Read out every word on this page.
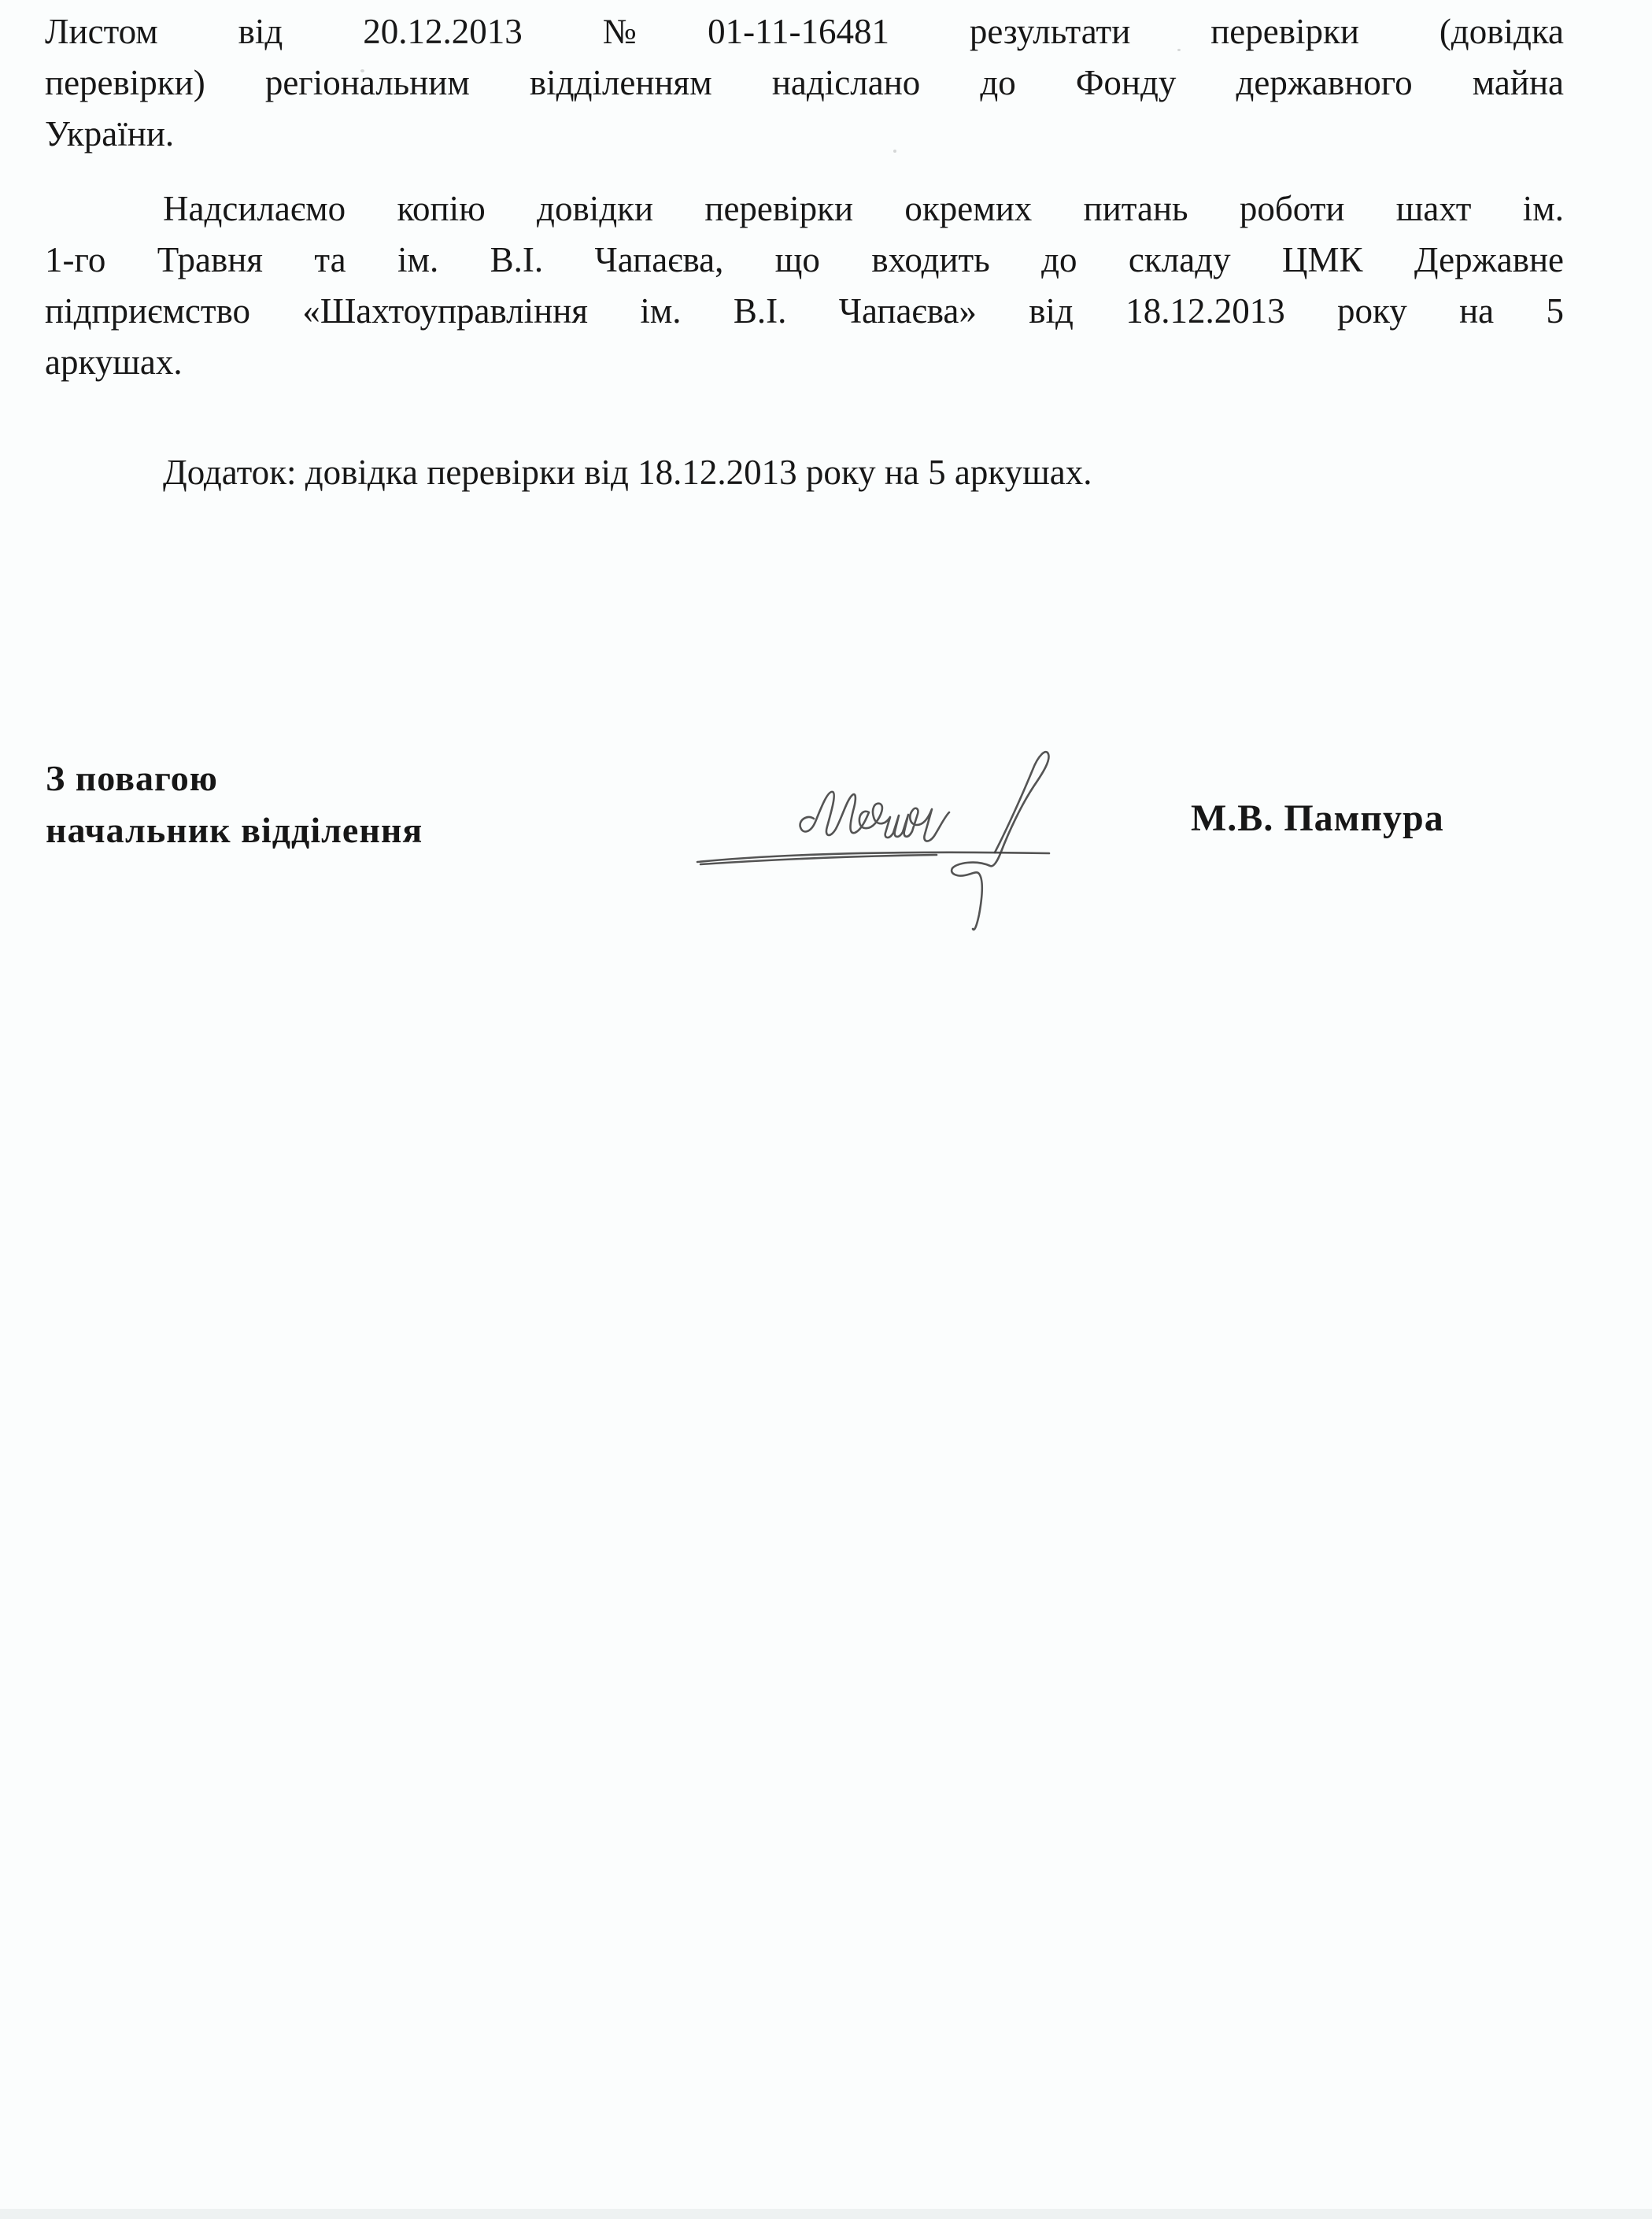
Листом від 20.12.2013 №01-11-16481 результати перевірки (довідка
перевірки) регіональним відділенням надіслано до Фонду державного майна
України.
Надсилаємо копію довідки перевірки окремих питань роботи шахт ім.
1-го Травня та ім. В.І. Чапаєва, що входить до складу ЦМК Державне
підприємство «Шахтоуправління ім. В.І. Чапаєва» від 18.12.2013 року на 5
аркушах.
Додаток: довідка перевірки від 18.12.2013 року на 5 аркушах.
З повагою
начальник відділення	М.В. Пампура
